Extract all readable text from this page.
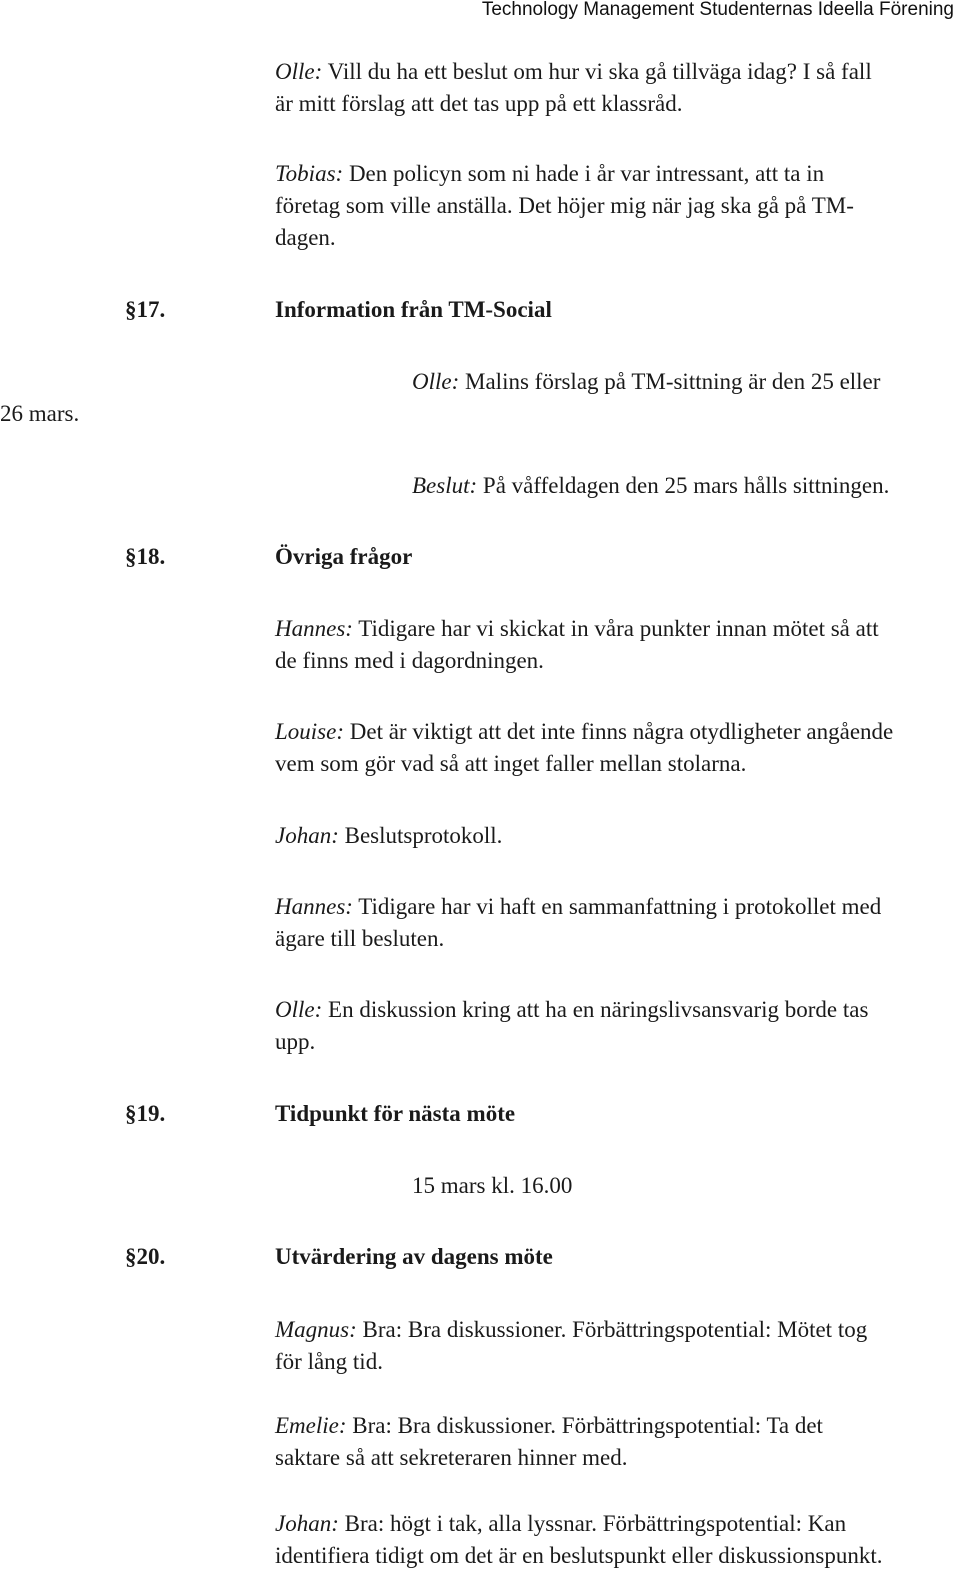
Technology Management Studenternas Ideella Förening
Olle: Vill du ha ett beslut om hur vi ska gå tillväga idag? I så fall
är mitt förslag att det tas upp på ett klassråd.
Tobias: Den policyn som ni hade i år var intressant, att ta in
företag som ville anställa. Det höjer mig när jag ska gå på TM-
dagen.
§17.	Information från TM-Social
Olle: Malins förslag på TM-sittning är den 25 eller
26 mars.
Beslut: På våffeldagen den 25 mars hålls sittningen.
§18.	Övriga frågor
Hannes: Tidigare har vi skickat in våra punkter innan mötet så att
de finns med i dagordningen.
Louise: Det är viktigt att det inte finns några otydligheter angående
vem som gör vad så att inget faller mellan stolarna.
Johan: Beslutsprotokoll.
Hannes: Tidigare har vi haft en sammanfattning i protokollet med
ägare till besluten.
Olle: En diskussion kring att ha en näringslivsansvarig borde tas
upp.
§19.	Tidpunkt för nästa möte
15 mars kl. 16.00
§20.	Utvärdering av dagens möte
Magnus: Bra: Bra diskussioner. Förbättringspotential: Mötet tog
för lång tid.
Emelie: Bra: Bra diskussioner. Förbättringspotential: Ta det
saktare så att sekreteraren hinner med.
Johan: Bra: högt i tak, alla lyssnar. Förbättringspotential: Kan
identifiera tidigt om det är en beslutspunkt eller diskussionspunkt.
